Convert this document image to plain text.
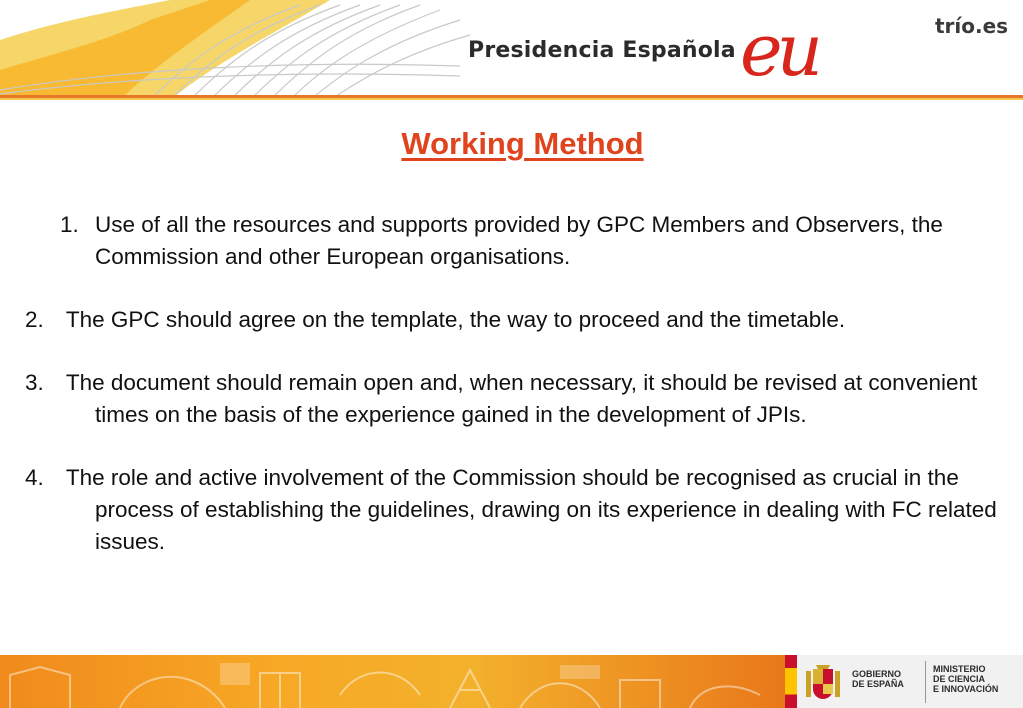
Presidencia Española eu	trío.es
Working Method
1. Use of all the resources and supports provided by GPC Members and Observers, the Commission and other European organisations.
2. The GPC should agree on the template, the way to proceed and the timetable.
3. The document should remain open and, when necessary, it should be revised at convenient times on the basis of the experience gained in the development of JPIs.
4. The role and active involvement of the Commission should be recognised as crucial in the process of establishing the guidelines, drawing on its experience in dealing with FC related issues.
GOBIERNO
DE ESPAÑA
MINISTERIO
DE CIENCIA
E INNOVACIÓN
